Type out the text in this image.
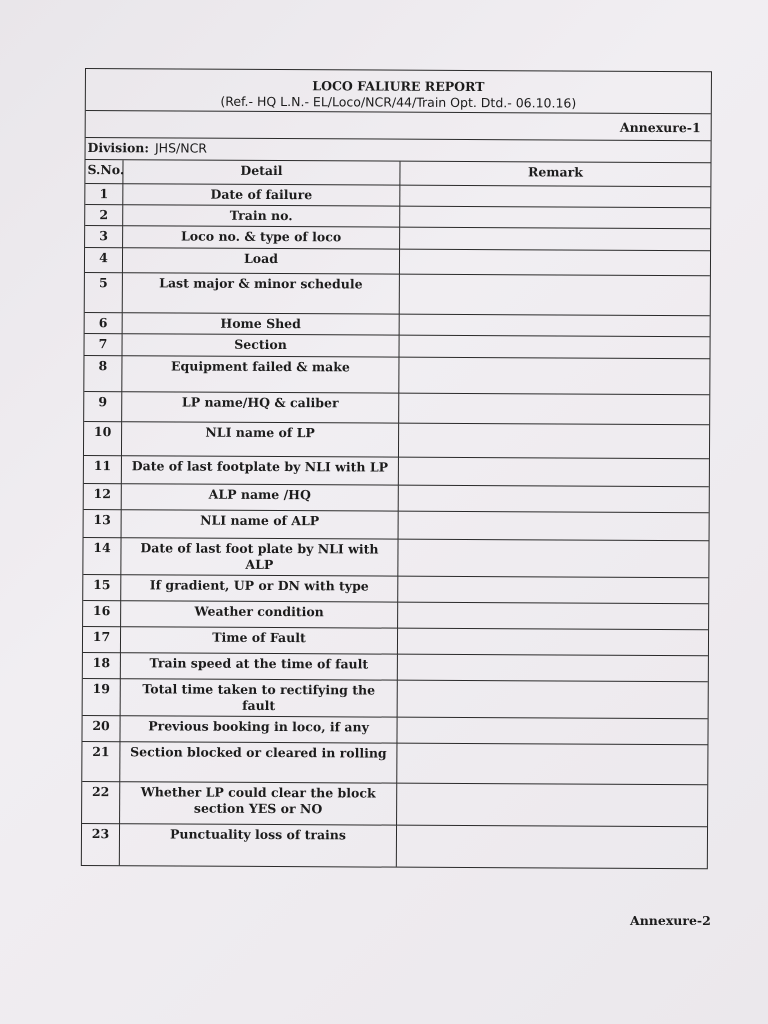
LOCO FALIURE REPORT
(Ref.- HQ L.N.- EL/Loco/NCR/44/Train Opt. Dtd.- 06.10.16)
Annexure-1
Division: JHS/NCR
S.No.	Detail	Remark
1	Date of failure	
2	Train no.	
3	Loco no. & type of loco	
4	Load	
5	Last major & minor schedule	
6	Home Shed	
7	Section	
8	Equipment failed & make	
9	LP name/HQ & caliber	
10	NLI name of LP	
11	Date of last footplate by NLI with LP	
12	ALP name /HQ	
13	NLI name of ALP	
14	Date of last foot plate by NLI with ALP	
15	If gradient, UP or DN with type	
16	Weather condition	
17	Time of Fault	
18	Train speed at the time of fault	
19	Total time taken to rectifying the fault	
20	Previous booking in loco, if any	
21	Section blocked or cleared in rolling	
22	Whether LP could clear the block section YES or NO	
23	Punctuality loss of trains	
Annexure-2
